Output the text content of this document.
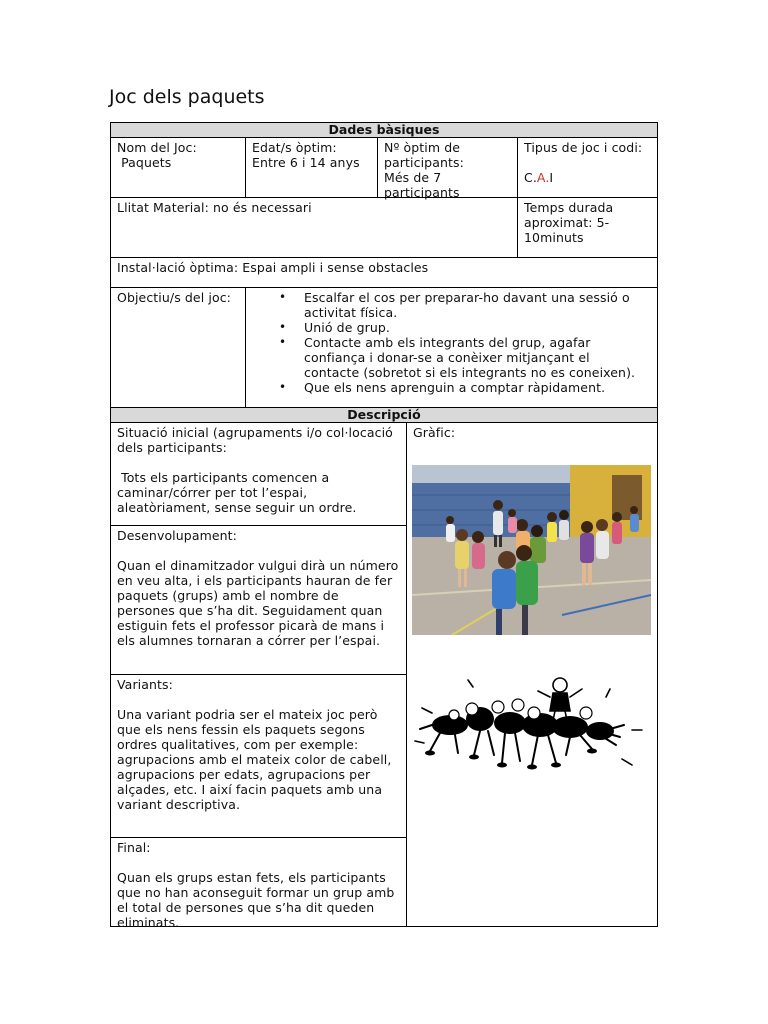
Joc dels paquets
Dades bàsiques
Nom del Joc:
Paquets
Edat/s òptim:
Entre 6 i 14 anys
Nº òptim de participants:
Més de 7 participants
Tipus de joc i codi:
C.A.I
Llitat Material: no és necessari	Temps durada aproximat: 5-10minuts
Instal·lació òptima: Espai ampli i sense obstacles
Objectiu/s del joc:
•	Escalfar el cos per preparar-ho davant una sessió o activitat física.
• Unió de grup.
• Contacte amb els integrants del grup, agafar confiança i donar-se a conèixer mitjançant el contacte (sobretot si els integrants no es coneixen).
• Que els nens aprenguin a comptar ràpidament.
Descripció
Situació inicial (agrupaments i/o col·locació dels participants:
Tots els participants comencen a caminar/córrer per tot l’espai, aleatòriament, sense seguir un ordre.
Desenvolupament:
Quan el dinamitzador vulgui dirà un número en veu alta, i els participants hauran de fer paquets (grups) amb el nombre de persones que s’ha dit. Seguidament quan estiguin fets el professor picarà de mans i els alumnes tornaran a córrer per l’espai.
Variants:
Una variant podria ser el mateix joc però que els nens fessin els paquets segons ordres qualitatives, com per exemple: agrupacions amb el mateix color de cabell, agrupacions per edats, agrupacions per alçades, etc. I així facin paquets amb una variant descriptiva.
Final:
Quan els grups estan fets, els participants que no han aconseguit formar un grup amb el total de persones que s’ha dit queden eliminats.
Gràfic:
